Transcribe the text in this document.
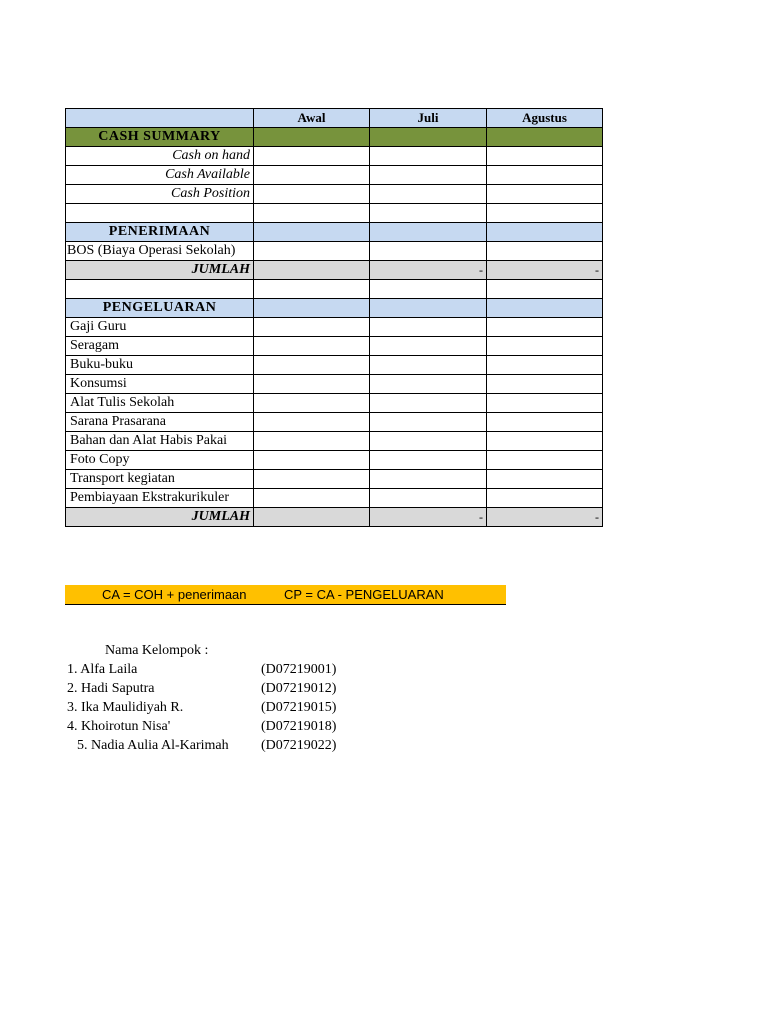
	Awal	Juli	Agustus
CASH SUMMARY			
Cash on hand			
Cash Available			
Cash Position			

PENERIMAAN			
BOS (Biaya Operasi Sekolah)			
JUMLAH		-	-

PENGELUARAN			
Gaji Guru			
Seragam			
Buku-buku			
Konsumsi			
Alat Tulis Sekolah			
Sarana Prasarana			
Bahan dan Alat Habis Pakai			
Foto Copy			
Transport kegiatan			
Pembiayaan Ekstrakurikuler			
JUMLAH		-	-
CA = COH + penerimaan	CP = CA - PENGELUARAN
Nama Kelompok :
1. Alfa Laila	(D07219001)
2. Hadi Saputra	(D07219012)
3. Ika Maulidiyah R.	(D07219015)
4. Khoirotun Nisa'	(D07219018)
5. Nadia Aulia Al-Karimah (D07219022)
